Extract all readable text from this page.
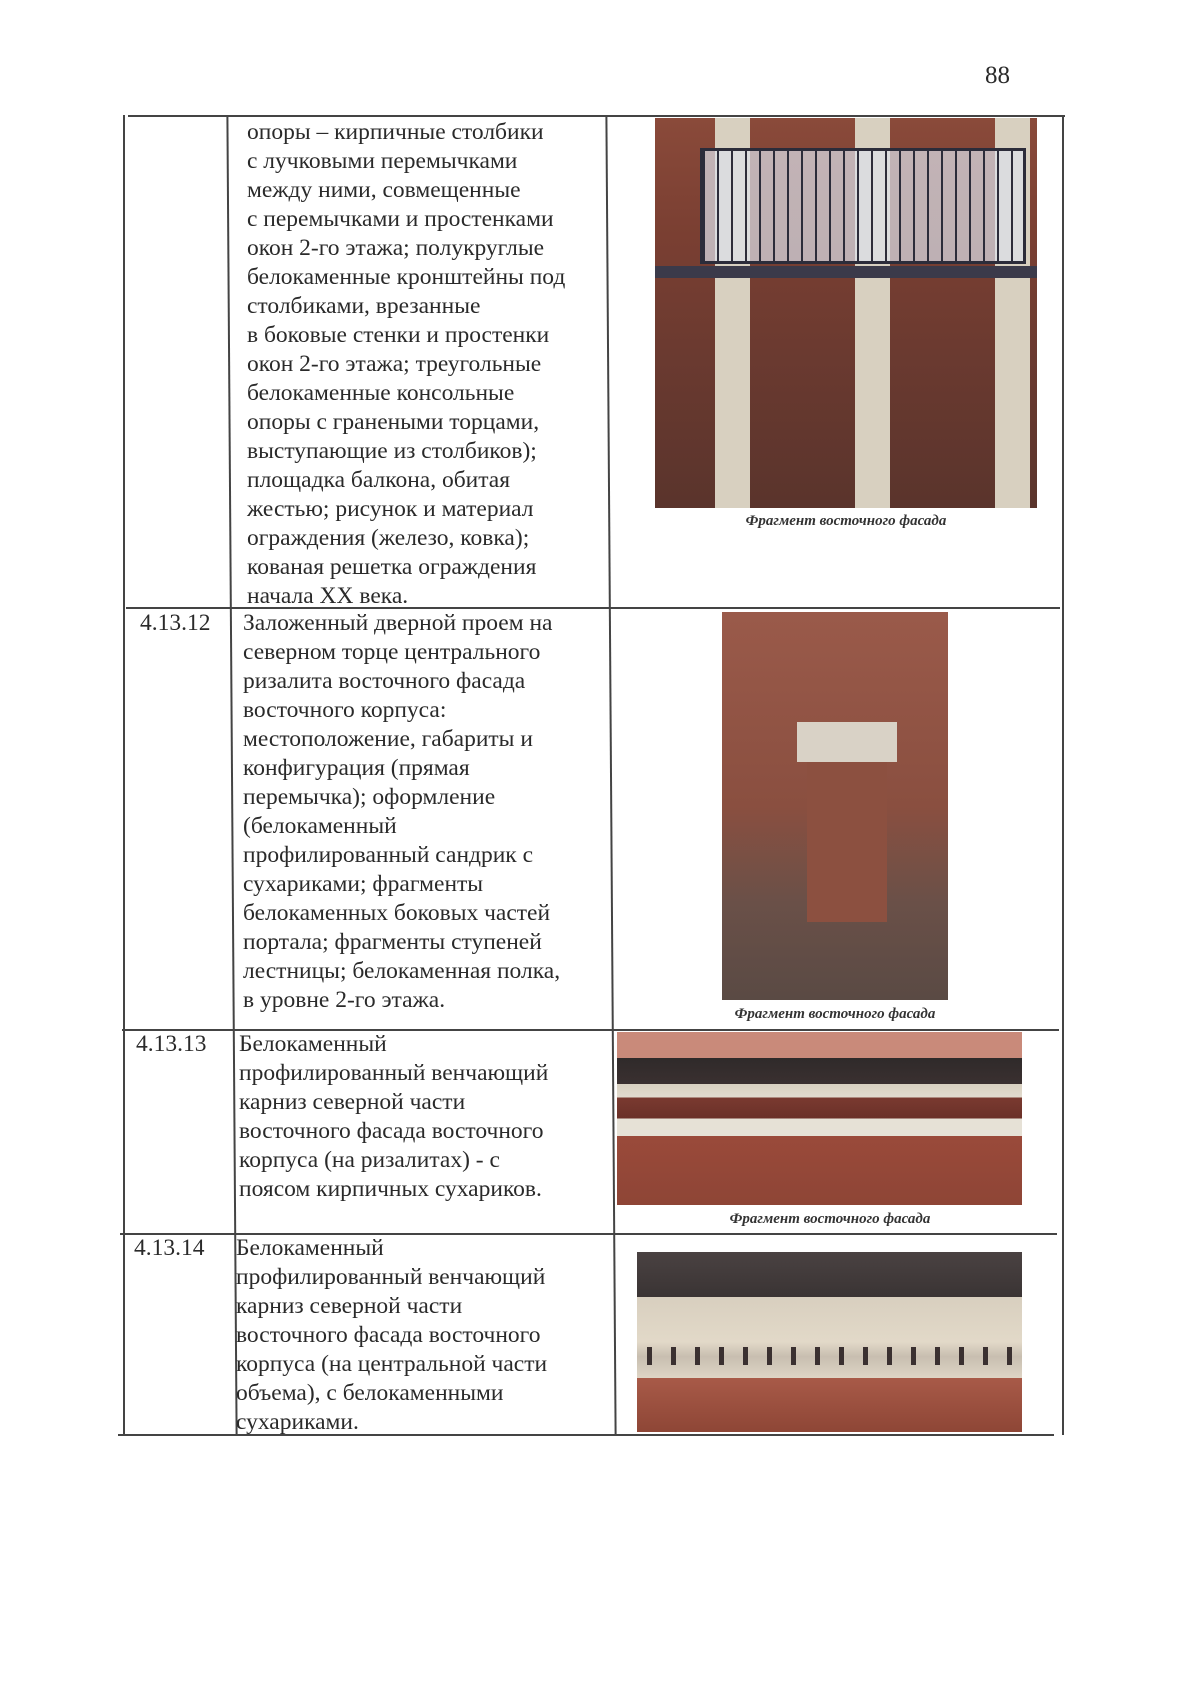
88
опоры – кирпичные столбики
с лучковыми перемычками
между ними, совмещенные
с перемычками и простенками
окон 2-го этажа; полукруглые
белокаменные кронштейны под
столбиками, врезанные
в боковые стенки и простенки
окон 2-го этажа; треугольные
белокаменные консольные
опоры с гранеными торцами,
выступающие из столбиков);
площадка балкона, обитая
жестью; рисунок и материал
ограждения (железо, ковка);
кованая решетка ограждения
начала XX века.
Фрагмент восточного фасада
4.13.12 Заложенный дверной проем на
северном торце центрального
ризалита восточного фасада
восточного корпуса:
местоположение, габариты и
конфигурация (прямая
перемычка); оформление
(белокаменный
профилированный сандрик с
сухариками; фрагменты
белокаменных боковых частей
портала; фрагменты ступеней
лестницы; белокаменная полка,
в уровне 2-го этажа.
Фрагмент восточного фасада
4.13.13 Белокаменный
профилированный венчающий
карниз северной части
восточного фасада восточного
корпуса (на ризалитах) - с
поясом кирпичных сухариков.
Фрагмент восточного фасада
4.13.14 Белокаменный
профилированный венчающий
карниз северной части
восточного фасада восточного
корпуса (на центральной части
объема), с белокаменными
сухариками.
